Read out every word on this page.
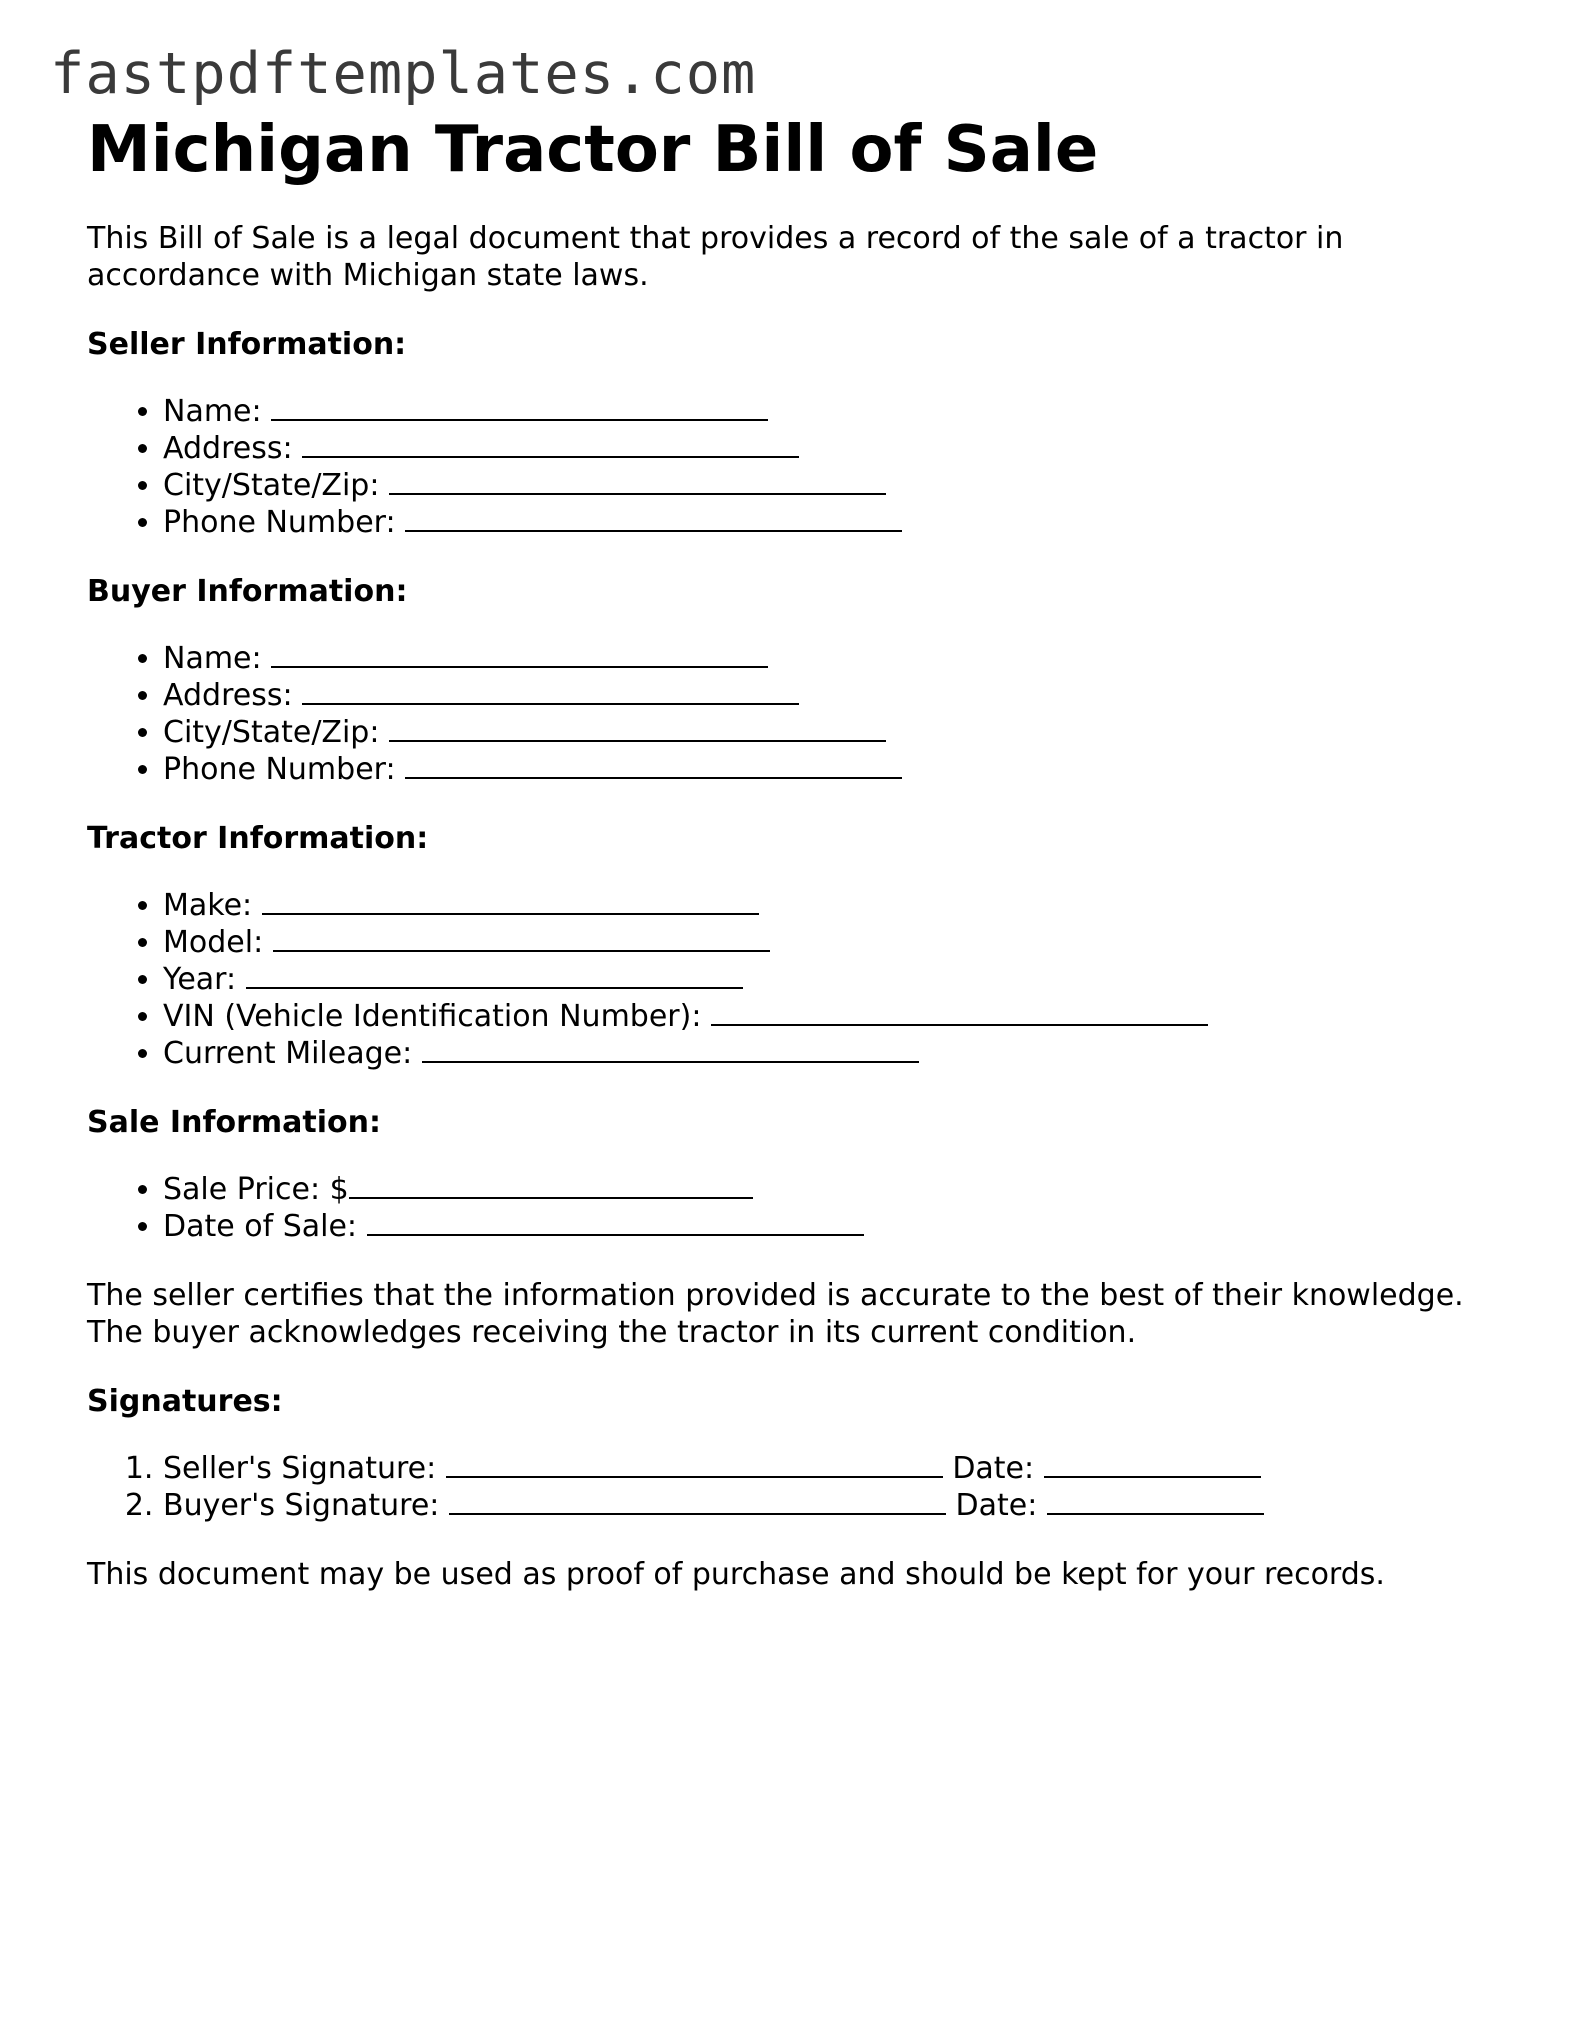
fastpdftemplates.com
Michigan Tractor Bill of Sale

This Bill of Sale is a legal document that provides a record of the sale of a tractor in accordance with Michigan state laws.

Seller Information:
• Name:
• Address:
• City/State/Zip:
• Phone Number:
Buyer Information:
• Name:
• Address:
• City/State/Zip:
• Phone Number:
Tractor Information:
• Make:
• Model:
• Year:
• VIN (Vehicle Identification Number):
• Current Mileage:
Sale Information:
• Sale Price: $
• Date of Sale:

The seller certifies that the information provided is accurate to the best of their knowledge. The buyer acknowledges receiving the tractor in its current condition.

Signatures:
1. Seller's Signature:	Date:
2. Buyer's Signature:	Date:

This document may be used as proof of purchase and should be kept for your records.
